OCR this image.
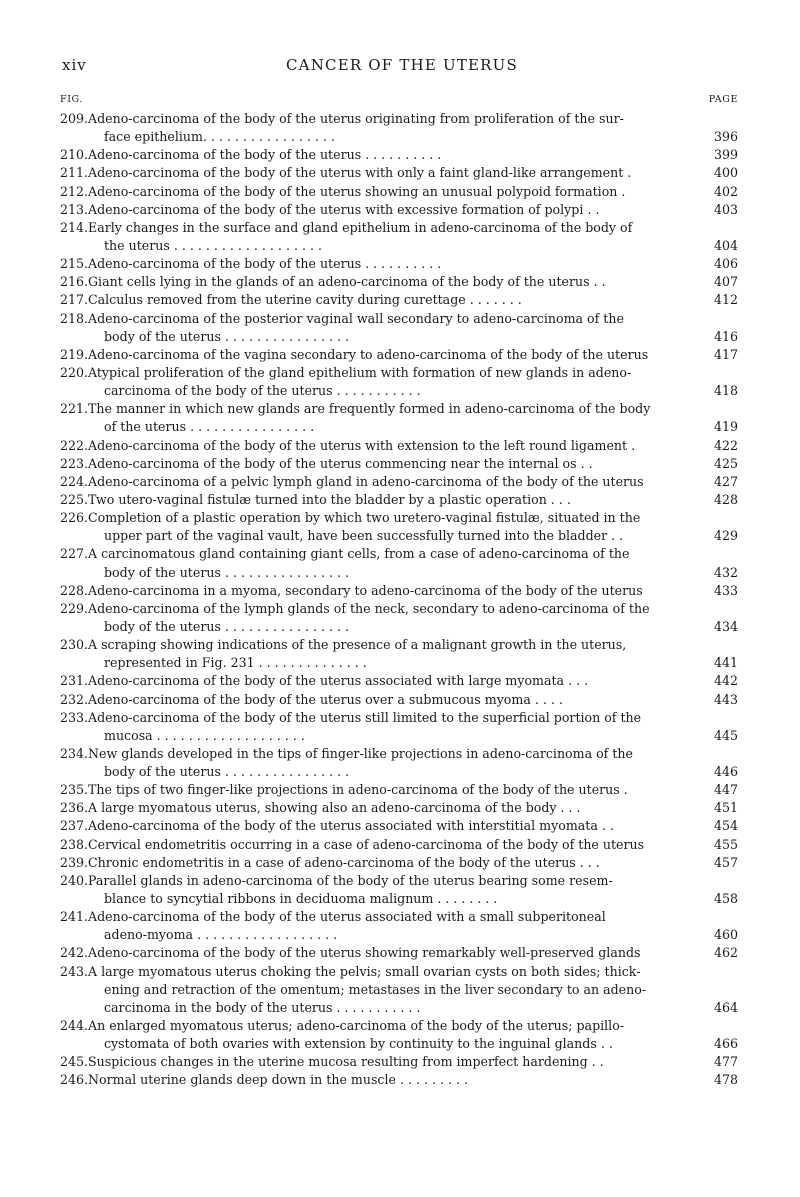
xiv	CANCER OF THE UTERUS
FIG.	PAGE
209. Adeno-carcinoma of the body of the uterus originating from proliferation of the sur-
face epithelium. . . . . . . . . . . . . . . . .	396
210. Adeno-carcinoma of the body of the uterus . . . . . . . . . .	399
211. Adeno-carcinoma of the body of the uterus with only a faint gland-like arrangement .	400
212. Adeno-carcinoma of the body of the uterus showing an unusual polypoid formation .	402
213. Adeno-carcinoma of the body of the uterus with excessive formation of polypi . .	403
214. Early changes in the surface and gland epithelium in adeno-carcinoma of the body of
the uterus . . . . . . . . . . . . . . . . . . .	404
215. Adeno-carcinoma of the body of the uterus . . . . . . . . . .	406
216. Giant cells lying in the glands of an adeno-carcinoma of the body of the uterus . .	407
217. Calculus removed from the uterine cavity during curettage . . . . . . .	412
218. Adeno-carcinoma of the posterior vaginal wall secondary to adeno-carcinoma of the
body of the uterus . . . . . . . . . . . . . . . .	416
219. Adeno-carcinoma of the vagina secondary to adeno-carcinoma of the body of the uterus	417
220. Atypical proliferation of the gland epithelium with formation of new glands in adeno-
carcinoma of the body of the uterus . . . . . . . . . . .	418
221. The manner in which new glands are frequently formed in adeno-carcinoma of the body
of the uterus . . . . . . . . . . . . . . . .	419
222. Adeno-carcinoma of the body of the uterus with extension to the left round ligament .	422
223. Adeno-carcinoma of the body of the uterus commencing near the internal os . .	425
224. Adeno-carcinoma of a pelvic lymph gland in adeno-carcinoma of the body of the uterus	427
225. Two utero-vaginal fistulæ turned into the bladder by a plastic operation . . .	428
226. Completion of a plastic operation by which two uretero-vaginal fistulæ, situated in the
upper part of the vaginal vault, have been successfully turned into the bladder . .	429
227. A carcinomatous gland containing giant cells, from a case of adeno-carcinoma of the
body of the uterus . . . . . . . . . . . . . . . .	432
228. Adeno-carcinoma in a myoma, secondary to adeno-carcinoma of the body of the uterus	433
229. Adeno-carcinoma of the lymph glands of the neck, secondary to adeno-carcinoma of the
body of the uterus . . . . . . . . . . . . . . . .	434
230. A scraping showing indications of the presence of a malignant growth in the uterus,
represented in Fig. 231 . . . . . . . . . . . . . .	441
231. Adeno-carcinoma of the body of the uterus associated with large myomata . . .	442
232. Adeno-carcinoma of the body of the uterus over a submucous myoma . . . .	443
233. Adeno-carcinoma of the body of the uterus still limited to the superficial portion of the
mucosa . . . . . . . . . . . . . . . . . . .	445
234. New glands developed in the tips of finger-like projections in adeno-carcinoma of the
body of the uterus . . . . . . . . . . . . . . . .	446
235. The tips of two finger-like projections in adeno-carcinoma of the body of the uterus .	447
236. A large myomatous uterus, showing also an adeno-carcinoma of the body . . .	451
237. Adeno-carcinoma of the body of the uterus associated with interstitial myomata . .	454
238. Cervical endometritis occurring in a case of adeno-carcinoma of the body of the uterus	455
239. Chronic endometritis in a case of adeno-carcinoma of the body of the uterus . . .	457
240. Parallel glands in adeno-carcinoma of the body of the uterus bearing some resem-
blance to syncytial ribbons in deciduoma malignum . . . . . . . .	458
241. Adeno-carcinoma of the body of the uterus associated with a small subperitoneal
adeno-myoma . . . . . . . . . . . . . . . . . .	460
242. Adeno-carcinoma of the body of the uterus showing remarkably well-preserved glands	462
243. A large myomatous uterus choking the pelvis; small ovarian cysts on both sides; thick-
ening and retraction of the omentum; metastases in the liver secondary to an adeno-
carcinoma in the body of the uterus . . . . . . . . . . .	464
244. An enlarged myomatous uterus; adeno-carcinoma of the body of the uterus; papillo-
cystomata of both ovaries with extension by continuity to the inguinal glands . .	466
245. Suspicious changes in the uterine mucosa resulting from imperfect hardening . .	477
246. Normal uterine glands deep down in the muscle . . . . . . . . .	478
